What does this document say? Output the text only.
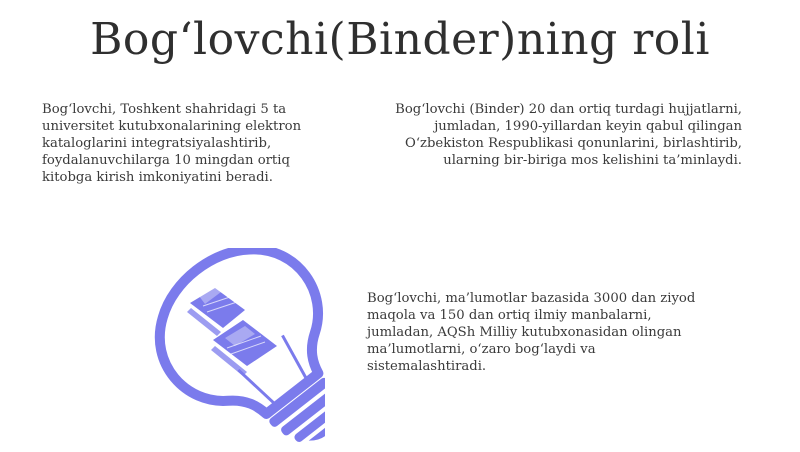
Bog‘lovchi(Binder)ning roli
Bog‘lovchi, Toshkent shahridagi 5 ta
universitet kutubxonalarining elektron
kataloglarini integratsiyalashtirib,
foydalanuvchilarga 10 mingdan ortiq
kitobga kirish imkoniyatini beradi.
Bog‘lovchi (Binder) 20 dan ortiq turdagi hujjatlarni,
jumladan, 1990-yillardan keyin qabul qilingan
O‘zbekiston Respublikasi qonunlarini, birlashtirib,
ularning bir-biriga mos kelishini ta’minlaydi.
Bog‘lovchi, ma’lumotlar bazasida 3000 dan ziyod
maqola va 150 dan ortiq ilmiy manbalarni,
jumladan, AQSh Milliy kutubxonasidan olingan
ma’lumotlarni, o‘zaro bog‘laydi va
sistemalashtiradi.
